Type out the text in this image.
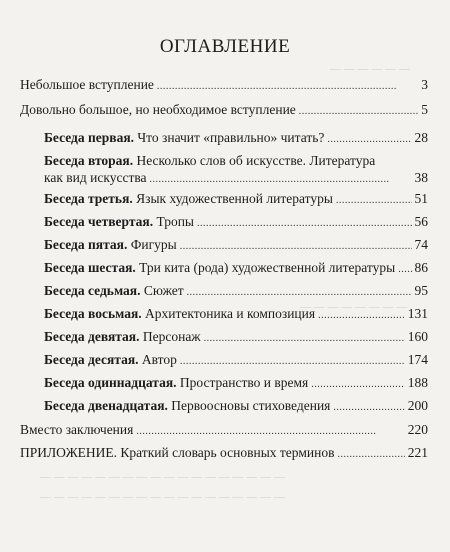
— — — — — —
— — — — — — — —
— — — — — — — — — — — — — — — — — —
— — — — — — — — — — — — — — — — — —
ОГЛАВЛЕНИЕ
Небольшое вступление . . .	3
Довольно большое, но необходимое вступление . . .	5
Беседа первая. Что значит «правильно» читать? . . .	28
Беседа вторая. Несколько слов об искусстве. Литература
как вид искусства . . .	38
Беседа третья. Язык художественной литературы . . .	51
Беседа четвертая. Тропы . . .	56
Беседа пятая. Фигуры . . .	74
Беседа шестая. Три кита (рода) художественной литературы . . . 86
Беседа седьмая. Сюжет . . .	95
Беседа восьмая. Архитектоника и композиция . . .	131
Беседа девятая. Персонаж . . .	160
Беседа десятая. Автор . . .	174
Беседа одиннадцатая. Пространство и время . . .	188
Беседа двенадцатая. Первоосновы стиховедения . . .	200
Вместо заключения . . .	220
ПРИЛОЖЕНИЕ. Краткий словарь основных терминов . . .	221
